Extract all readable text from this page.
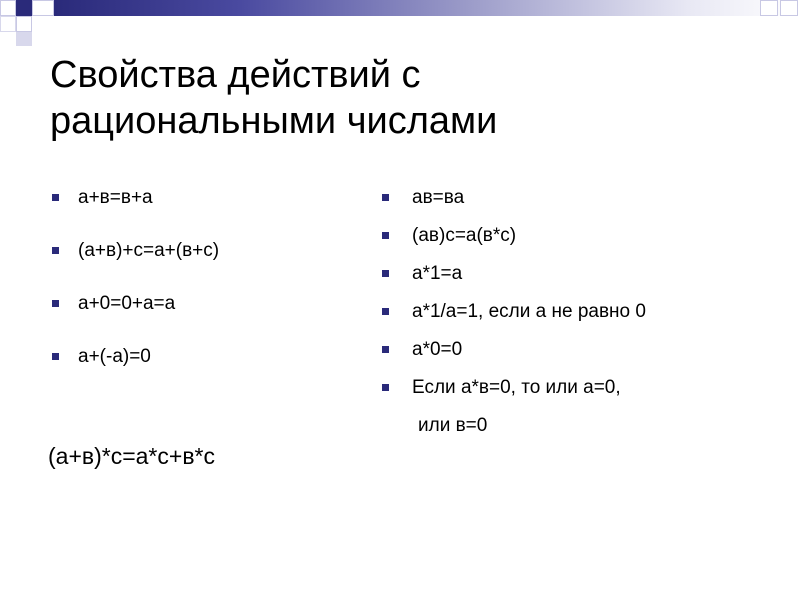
Свойства действий с
рациональными числами
а+в=в+а
(а+в)+с=а+(в+с)
а+0=0+а=а
а+(-а)=0
ав=ва
(ав)с=а(в*с)
а*1=а
а*1/а=1, если а не равно 0
а*0=0
Если а*в=0, то или а=0,
или в=0

(а+в)*с=а*с+в*с
